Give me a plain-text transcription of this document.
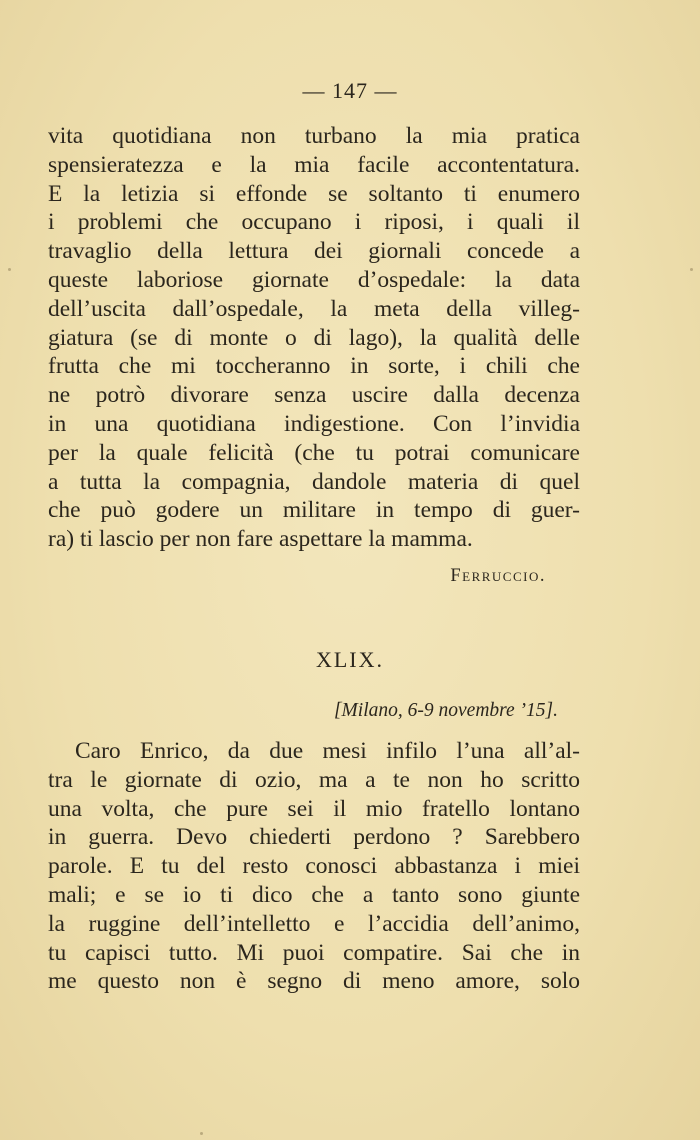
— 147 —
vita quotidiana non turbano la mia pratica
spensieratezza e la mia facile accontentatura.
E la letizia si effonde se soltanto ti enumero
i problemi che occupano i riposi, i quali il
travaglio della lettura dei giornali concede a
queste laboriose giornate d’ospedale: la data
dell’uscita dall’ospedale, la meta della villeg-
giatura (se di monte o di lago), la qualità delle
frutta che mi toccheranno in sorte, i chili che
ne potrò divorare senza uscire dalla decenza
in una quotidiana indigestione. Con l’invidia
per la quale felicità (che tu potrai comunicare
a tutta la compagnia, dandole materia di quel
che può godere un militare in tempo di guer-
ra) ti lascio per non fare aspettare la mamma.
Ferruccio.
XLIX.
[Milano, 6-9 novembre ’15].
Caro Enrico, da due mesi infilo l’una all’al-
tra le giornate di ozio, ma a te non ho scritto
una volta, che pure sei il mio fratello lontano
in guerra. Devo chiederti perdono ? Sarebbero
parole. E tu del resto conosci abbastanza i miei
mali; e se io ti dico che a tanto sono giunte
la ruggine dell’intelletto e l’accidia dell’animo,
tu capisci tutto. Mi puoi compatire. Sai che in
me questo non è segno di meno amore, solo
